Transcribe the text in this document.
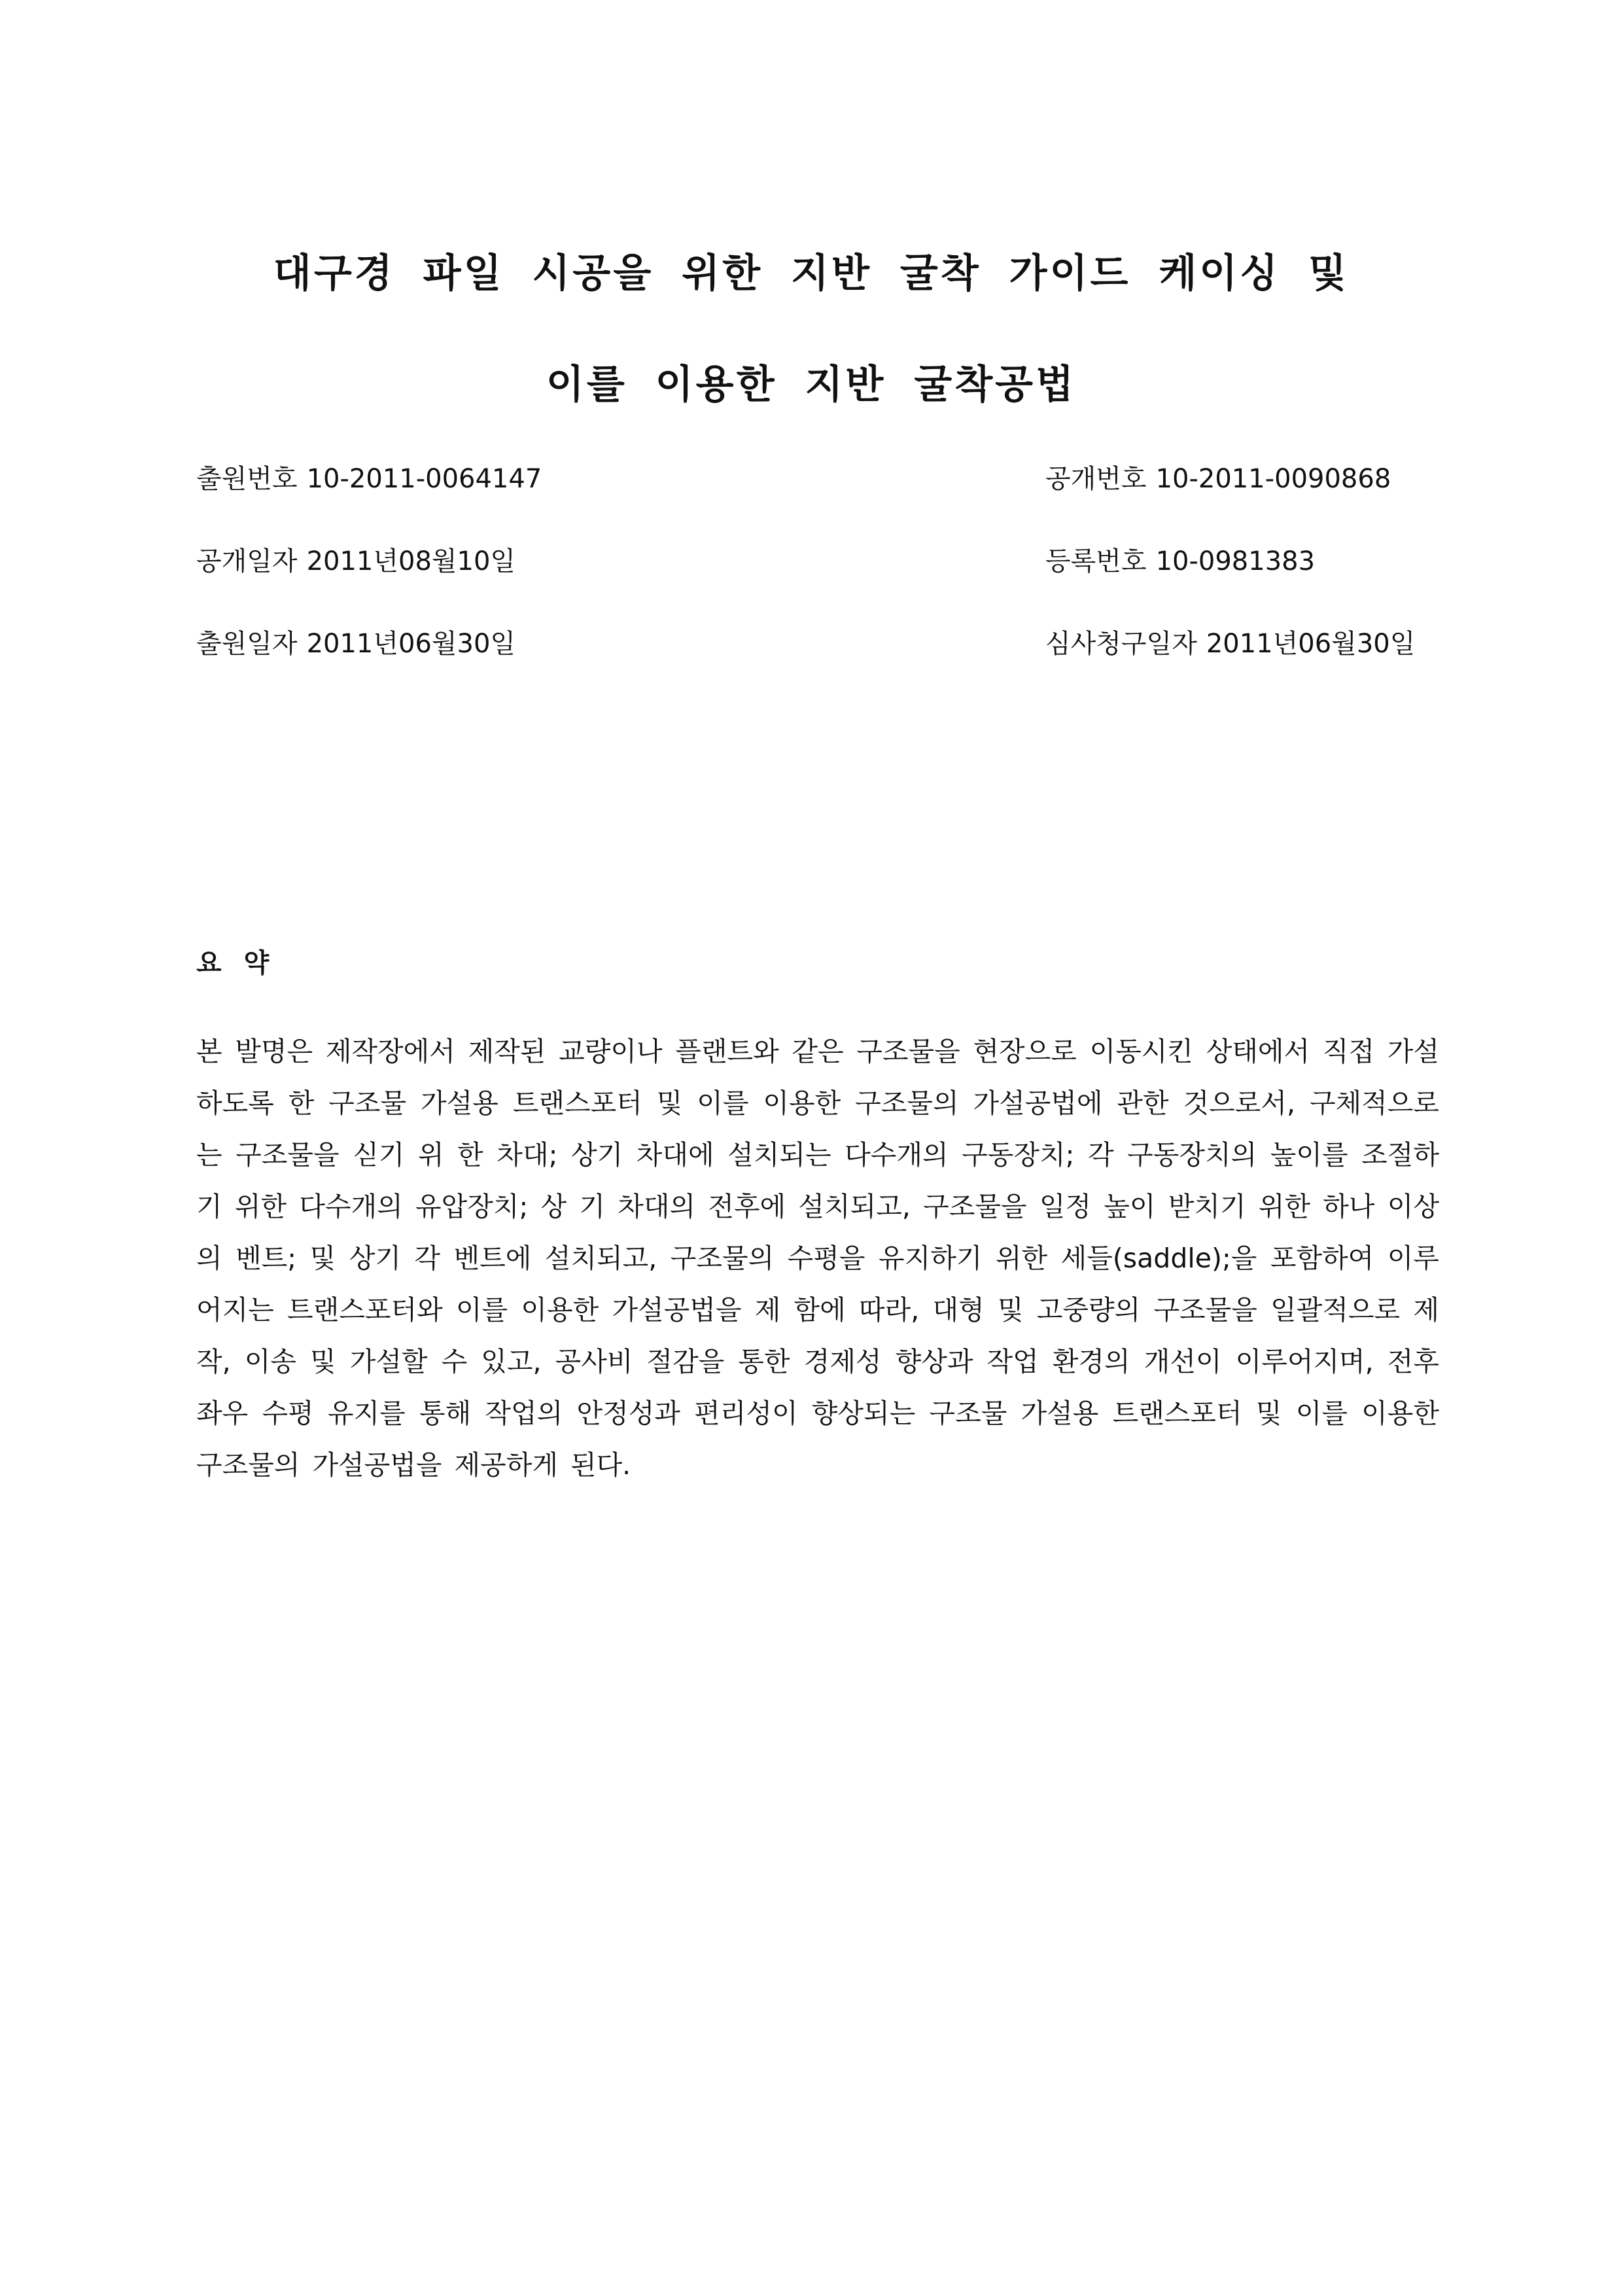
대구경 파일 시공을 위한 지반 굴착 가이드 케이싱 및
이를 이용한 지반 굴착공법
출원번호 10-2011-0064147	공개번호 10-2011-0090868
공개일자 2011년08월10일	등록번호 10-0981383
출원일자 2011년06월30일	심사청구일자 2011년06월30일
요 약

본 발명은 제작장에서 제작된 교량이나 플랜트와 같은 구조물을 현장으로 이동시킨 상태에서 직접 가설하도록 한 구조물 가설용 트랜스포터 및 이를 이용한 구조물의 가설공법에 관한 것으로서, 구체적으로는 구조물을 싣기 위 한 차대; 상기 차대에 설치되는 다수개의 구동장치; 각 구동장치의 높이를 조절하기 위한 다수개의 유압장치; 상 기 차대의 전후에 설치되고, 구조물을 일정 높이 받치기 위한 하나 이상의 벤트; 및 상기 각 벤트에 설치되고, 구조물의 수평을 유지하기 위한 세들(saddle);을 포함하여 이루어지는 트랜스포터와 이를 이용한 가설공법을 제 함에 따라, 대형 및 고중량의 구조물을 일괄적으로 제작, 이송 및 가설할 수 있고, 공사비 절감을 통한 경제성 향상과 작업 환경의 개선이 이루어지며, 전후좌우 수평 유지를 통해 작업의 안정성과 편리성이 향상되는 구조물 가설용 트랜스포터 및 이를 이용한 구조물의 가설공법을 제공하게 된다.
